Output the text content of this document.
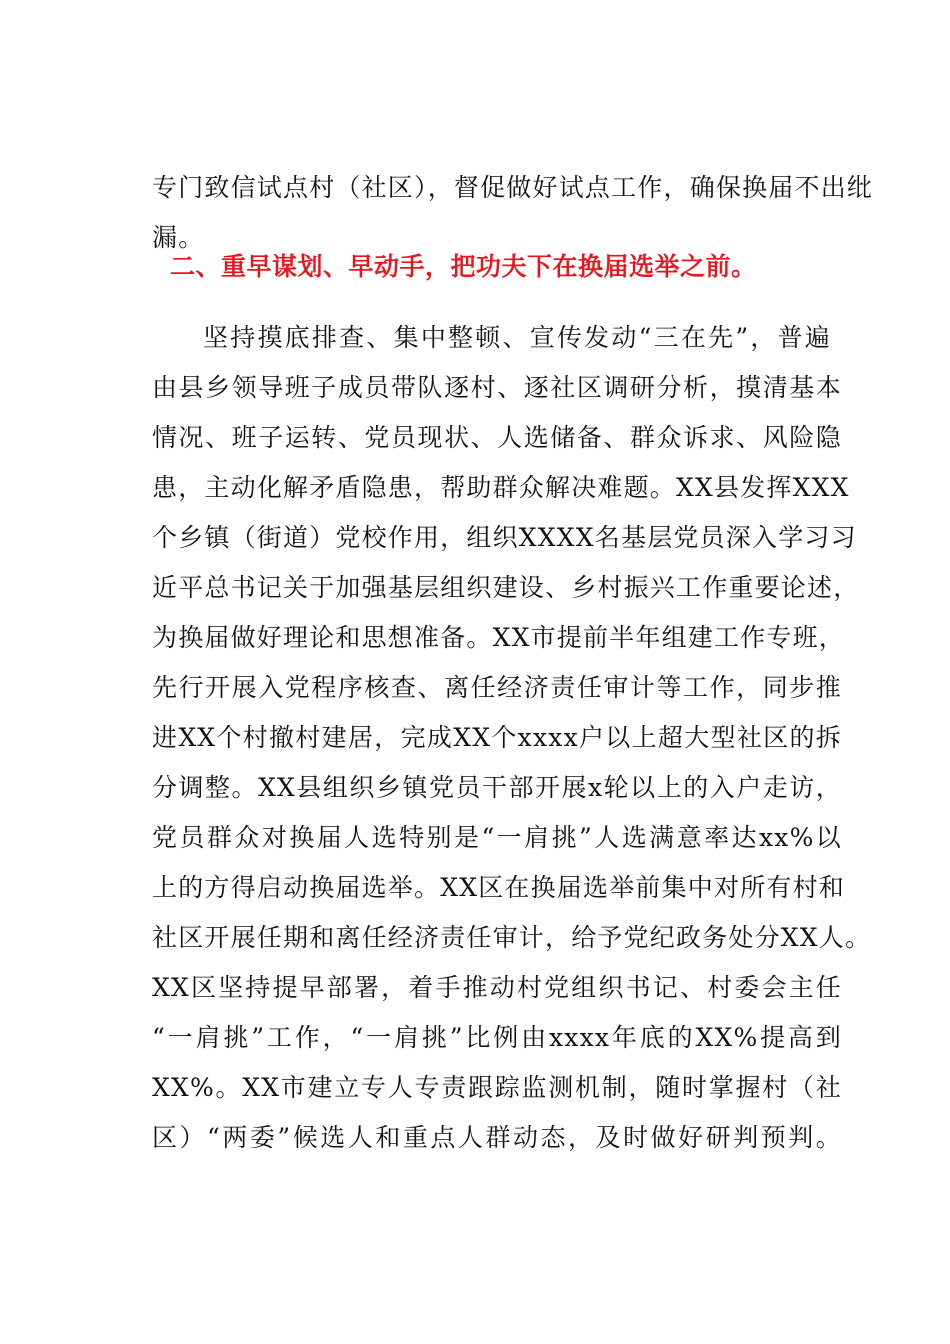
专门致信试点村（社区），督促做好试点工作，确保换届不出纰
漏。
二、重早谋划、早动手，把功夫下在换届选举之前。
坚持摸底排查、集中整顿、宣传发动“三在先”，普遍
由县乡领导班子成员带队逐村、逐社区调研分析，摸清基本
情况、班子运转、党员现状、人选储备、群众诉求、风险隐
患，主动化解矛盾隐患，帮助群众解决难题。XX县发挥XXX
个乡镇（街道）党校作用，组织XXXX名基层党员深入学习习
近平总书记关于加强基层组织建设、乡村振兴工作重要论述，
为换届做好理论和思想准备。XX市提前半年组建工作专班，
先行开展入党程序核查、离任经济责任审计等工作，同步推
进XX个村撤村建居，完成XX个xxxx户以上超大型社区的拆
分调整。XX县组织乡镇党员干部开展x轮以上的入户走访，
党员群众对换届人选特别是“一肩挑”人选满意率达xx%以
上的方得启动换届选举。XX区在换届选举前集中对所有村和
社区开展任期和离任经济责任审计，给予党纪政务处分XX人。
XX区坚持提早部署，着手推动村党组织书记、村委会主任
“一肩挑”工作，“一肩挑”比例由xxxx年底的XX%提高到
XX%。XX市建立专人专责跟踪监测机制，随时掌握村（社
区）“两委”候选人和重点人群动态，及时做好研判预判。
